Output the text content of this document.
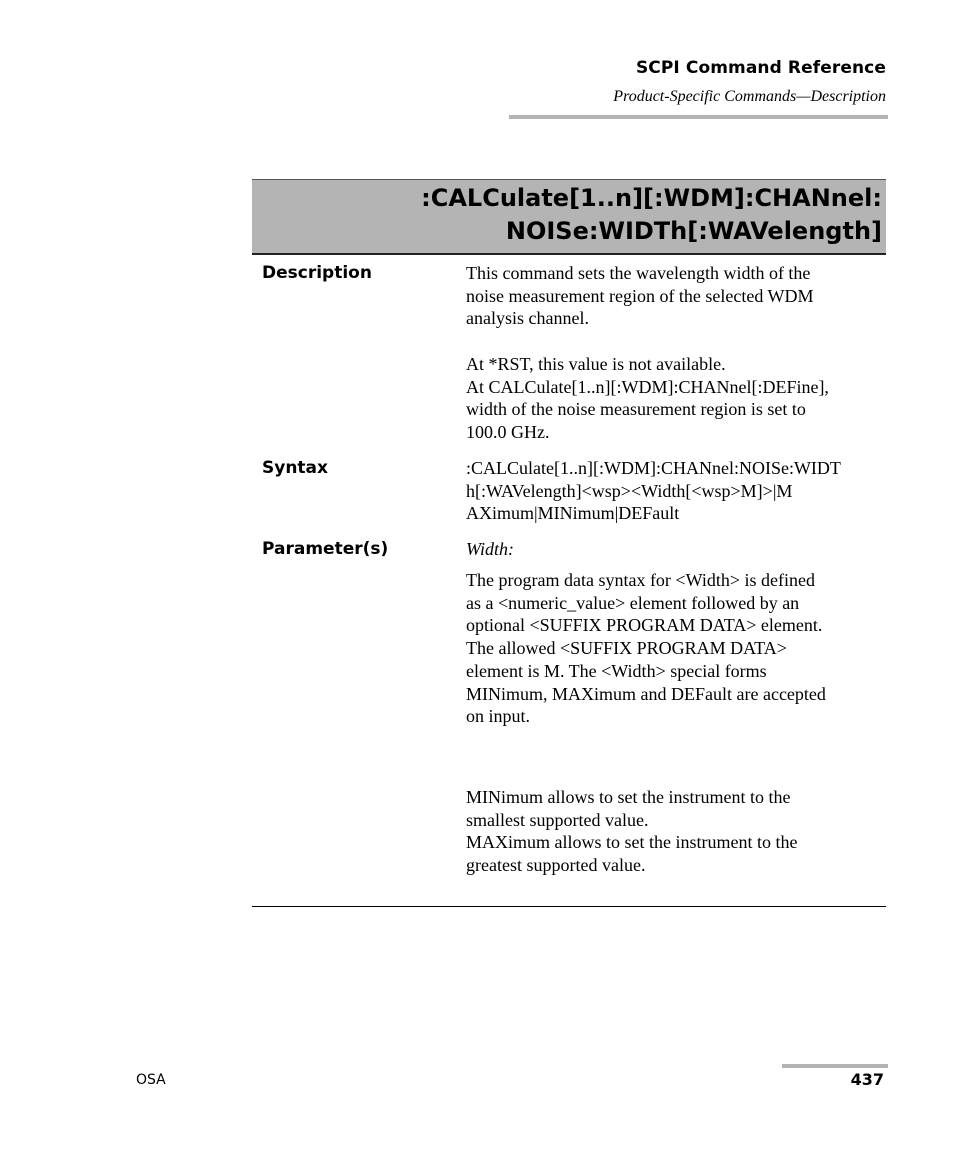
SCPI Command Reference
Product-Specific Commands—Description
:CALCulate[1..n][:WDM]:CHANnel:
NOISe:WIDTh[:WAVelength]
Description	This command sets the wavelength width of the
noise measurement region of the selected WDM
analysis channel.
At *RST, this value is not available.
At CALCulate[1..n][:WDM]:CHANnel[:DEFine],
width of the noise measurement region is set to
100.0 GHz.
Syntax	:CALCulate[1..n][:WDM]:CHANnel:NOISe:WIDT
h[:WAVelength]<wsp><Width[<wsp>M]>|M
AXimum|MINimum|DEFault
Parameter(s)	Width:
The program data syntax for <Width> is defined
as a <numeric_value> element followed by an
optional <SUFFIX PROGRAM DATA> element.
The allowed <SUFFIX PROGRAM DATA>
element is M. The <Width> special forms
MINimum, MAXimum and DEFault are accepted
on input.
MINimum allows to set the instrument to the
smallest supported value.
MAXimum allows to set the instrument to the
greatest supported value.
OSA	437
